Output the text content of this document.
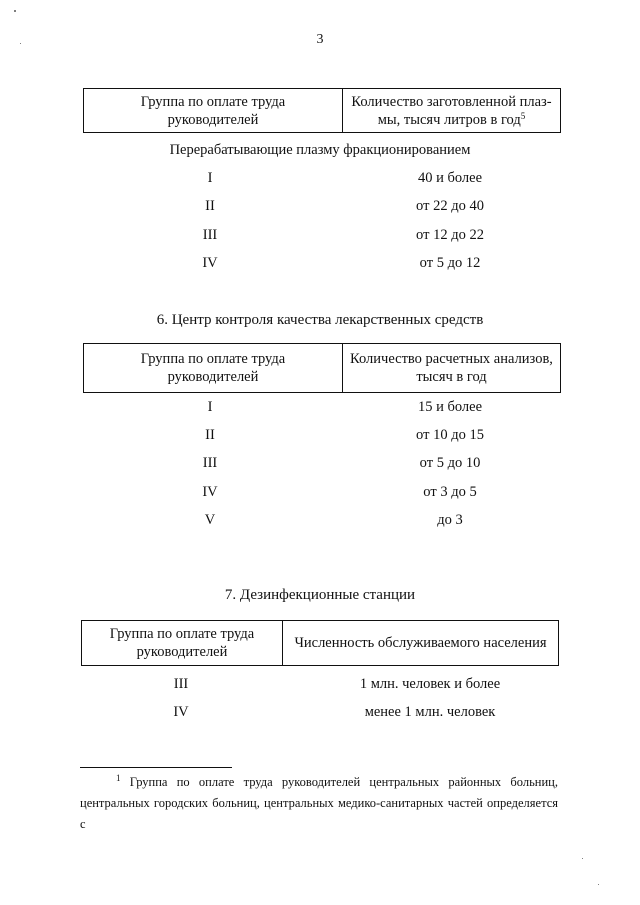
3
Группа по оплате труда руководителей	Количество заготовленной плаз-
мы, тысяч литров в год$^5$
Перерабатывающие плазму фракционированием
I	40 и более
II	от 22 до 40
III	от 12 до 22
IV	от 5 до 12
6. Центр контроля качества лекарственных средств
Группа по оплате труда
руководителей	Количество расчетных анализов,
тысяч в год
I	15 и более
II	от 10 до 15
III	от 5 до 10
IV	от 3 до 5
V	до 3
7. Дезинфекционные станции
Группа по оплате труда
руководителей	Численность обслуживаемого населения
III	1 млн. человек и более
IV	менее 1 млн. человек
$^1$ Группа по оплате труда руководителей центральных районных больниц, центральных городских больниц, центральных медико-санитарных частей определяется с
